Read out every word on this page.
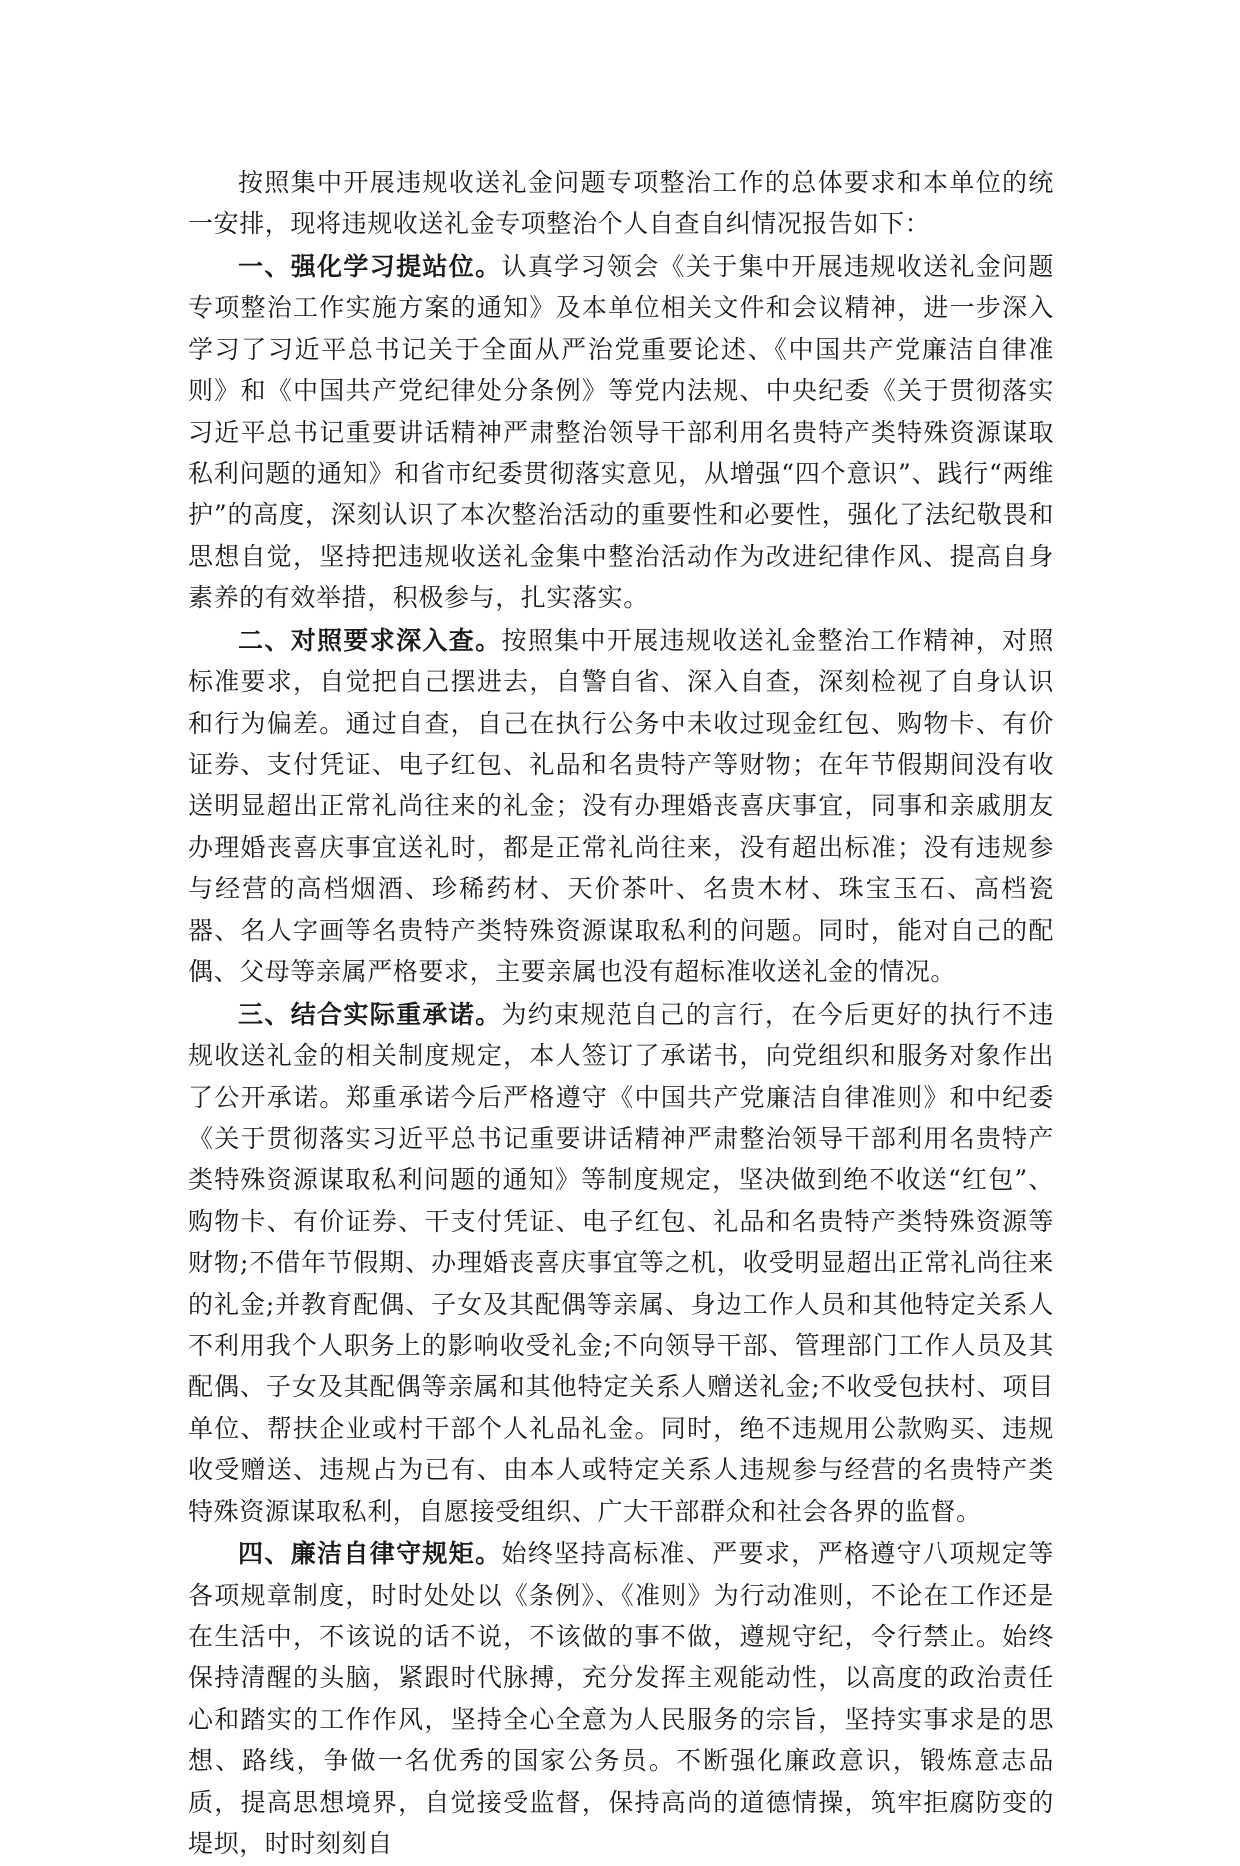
按照集中开展违规收送礼金问题专项整治工作的总体要求和本单位的统一安排，现将违规收送礼金专项整治个人自查自纠情况报告如下：

一、强化学习提站位。认真学习领会《关于集中开展违规收送礼金问题专项整治工作实施方案的通知》及本单位相关文件和会议精神，进一步深入学习了习近平总书记关于全面从严治党重要论述、《中国共产党廉洁自律准则》和《中国共产党纪律处分条例》等党内法规、中央纪委《关于贯彻落实习近平总书记重要讲话精神严肃整治领导干部利用名贵特产类特殊资源谋取私利问题的通知》和省市纪委贯彻落实意见，从增强“四个意识”、践行“两维护”的高度，深刻认识了本次整治活动的重要性和必要性，强化了法纪敬畏和思想自觉，坚持把违规收送礼金集中整治活动作为改进纪律作风、提高自身素养的有效举措，积极参与，扎实落实。

二、对照要求深入查。按照集中开展违规收送礼金整治工作精神，对照标准要求，自觉把自己摆进去，自警自省、深入自查，深刻检视了自身认识和行为偏差。通过自查，自己在执行公务中未收过现金红包、购物卡、有价证券、支付凭证、电子红包、礼品和名贵特产等财物；在年节假期间没有收送明显超出正常礼尚往来的礼金；没有办理婚丧喜庆事宜，同事和亲戚朋友办理婚丧喜庆事宜送礼时，都是正常礼尚往来，没有超出标准；没有违规参与经营的高档烟酒、珍稀药材、天价茶叶、名贵木材、珠宝玉石、高档瓷器、名人字画等名贵特产类特殊资源谋取私利的问题。同时，能对自己的配偶、父母等亲属严格要求，主要亲属也没有超标准收送礼金的情况。

三、结合实际重承诺。为约束规范自己的言行，在今后更好的执行不违规收送礼金的相关制度规定，本人签订了承诺书，向党组织和服务对象作出了公开承诺。郑重承诺今后严格遵守《中国共产党廉洁自律准则》和中纪委《关于贯彻落实习近平总书记重要讲话精神严肃整治领导干部利用名贵特产类特殊资源谋取私利问题的通知》等制度规定，坚决做到绝不收送“红包”、购物卡、有价证券、干支付凭证、电子红包、礼品和名贵特产类特殊资源等财物;不借年节假期、办理婚丧喜庆事宜等之机，收受明显超出正常礼尚往来的礼金;并教育配偶、子女及其配偶等亲属、身边工作人员和其他特定关系人不利用我个人职务上的影响收受礼金;不向领导干部、管理部门工作人员及其配偶、子女及其配偶等亲属和其他特定关系人赠送礼金;不收受包扶村、项目单位、帮扶企业或村干部个人礼品礼金。同时，绝不违规用公款购买、违规收受赠送、违规占为已有、由本人或特定关系人违规参与经营的名贵特产类特殊资源谋取私利，自愿接受组织、广大干部群众和社会各界的监督。

四、廉洁自律守规矩。始终坚持高标准、严要求，严格遵守八项规定等各项规章制度，时时处处以《条例》、《准则》为行动准则，不论在工作还是在生活中，不该说的话不说，不该做的事不做，遵规守纪，令行禁止。始终保持清醒的头脑，紧跟时代脉搏，充分发挥主观能动性，以高度的政治责任心和踏实的工作作风，坚持全心全意为人民服务的宗旨，坚持实事求是的思想、路线，争做一名优秀的国家公务员。不断强化廉政意识，锻炼意志品质，提高思想境界，自觉接受监督，保持高尚的道德情操，筑牢拒腐防变的堤坝，时时刻刻自
